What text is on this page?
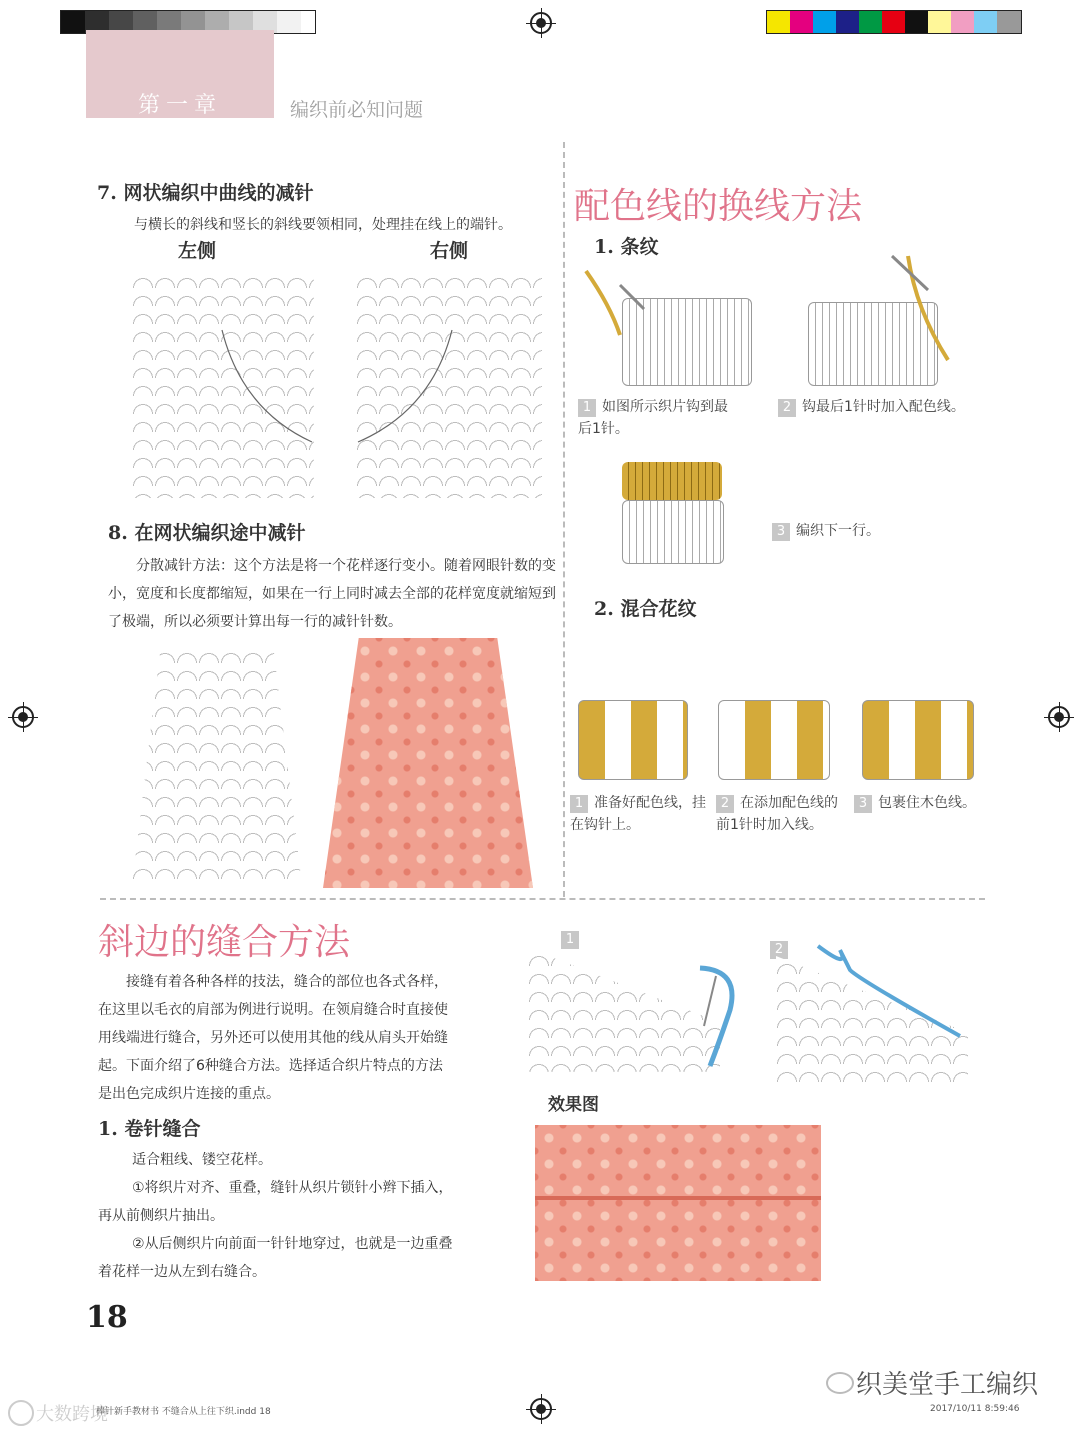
第一章	编织前必知问题
7. 网状编织中曲线的减针
与横长的斜线和竖长的斜线要领相同，处理挂在线上的端针。
左侧	右侧
8. 在网状编织途中减针
分散减针方法：这个方法是将一个花样逐行变小。随着网眼针数的变小，宽度和长度都缩短，如果在一行上同时减去全部的花样宽度就缩短到了极端，所以必须要计算出每一行的减针针数。
配色线的换线方法
1. 条纹
1 如图所示织片钩到最后1针。
2 钩最后1针时加入配色线。
3 编织下一行。
2. 混合花纹
1 准备好配色线，挂在钩针上。
2 在添加配色线的前1针时加入线。
3 包裹住木色线。
斜边的缝合方法
接缝有着各种各样的技法，缝合的部位也各式各样，在这里以毛衣的肩部为例进行说明。在领肩缝合时直接使用线端进行缝合，另外还可以使用其他的线从肩头开始缝起。下面介绍了6种缝合方法。选择适合织片特点的方法是出色完成织片连接的重点。
1. 卷针缝合
适合粗线、镂空花样。
①将织片对齐、重叠，缝针从织片锁针小辫下插入，再从前侧织片抽出。
②从后侧织片向前面一针针地穿过，也就是一边重叠着花样一边从左到右缝合。
1
2
效果图
18
织美堂手工编织
大数跨境
棒针新手教材书 不缝合从上往下织.indd 18	2017/10/11 8:59:46
